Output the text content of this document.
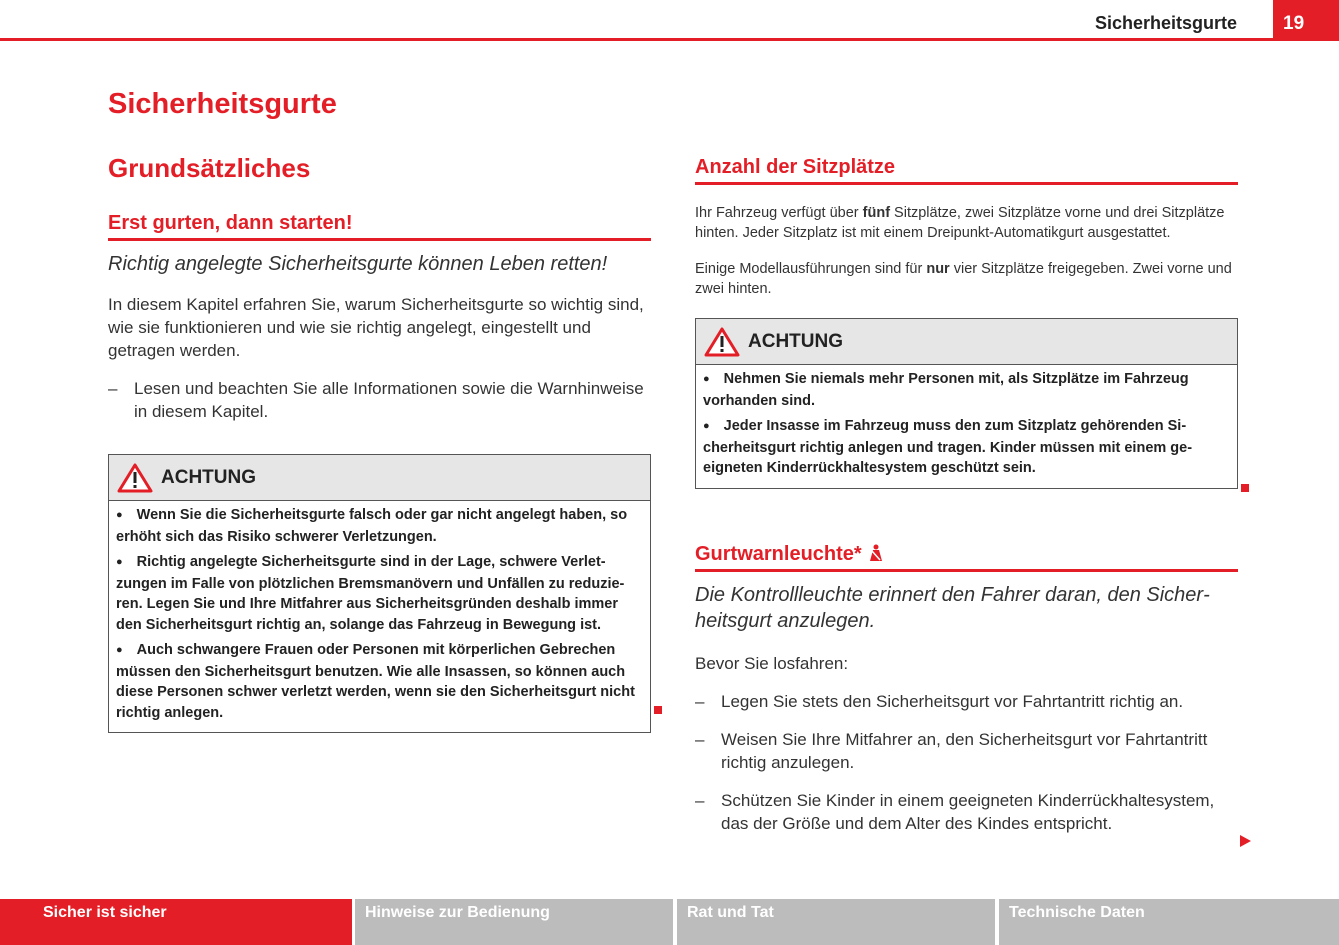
Sicherheitsgurte	19
Sicherheitsgurte
Grundsätzliches
Erst gurten, dann starten!
Richtig angelegte Sicherheitsgurte können Leben retten!
In diesem Kapitel erfahren Sie, warum Sicherheitsgurte so wichtig sind, wie sie funktionieren und wie sie richtig angelegt, eingestellt und getragen werden.
– Lesen und beachten Sie alle Informationen sowie die Warnhinweise in diesem Kapitel.
ACHTUNG

● Wenn Sie die Sicherheitsgurte falsch oder gar nicht angelegt haben, so erhöht sich das Risiko schwerer Verletzungen.

● Richtig angelegte Sicherheitsgurte sind in der Lage, schwere Verletzungen im Falle von plötzlichen Bremsmanövern und Unfällen zu reduzieren. Legen Sie und Ihre Mitfahrer aus Sicherheitsgründen deshalb immer den Sicherheitsgurt richtig an, solange das Fahrzeug in Bewegung ist.

● Auch schwangere Frauen oder Personen mit körperlichen Gebrechen müssen den Sicherheitsgurt benutzen. Wie alle Insassen, so können auch diese Personen schwer verletzt werden, wenn sie den Sicherheitsgurt nicht richtig anlegen.

Anzahl der Sitzplätze
Ihr Fahrzeug verfügt über fünf Sitzplätze, zwei Sitzplätze vorne und drei Sitzplätze hinten. Jeder Sitzplatz ist mit einem Dreipunkt-Automatikgurt ausgestattet.
Einige Modellausführungen sind für nur vier Sitzplätze freigegeben. Zwei vorne und zwei hinten.
ACHTUNG

● Nehmen Sie niemals mehr Personen mit, als Sitzplätze im Fahrzeug vorhanden sind.

● Jeder Insasse im Fahrzeug muss den zum Sitzplatz gehörenden Sicherheitsgurt richtig anlegen und tragen. Kinder müssen mit einem geeigneten Kinderrückhaltesystem geschützt sein.

Gurtwarnleuchte*
Die Kontrollleuchte erinnert den Fahrer daran, den Sicherheitsgurt anzulegen.
Bevor Sie losfahren:
– Legen Sie stets den Sicherheitsgurt vor Fahrtantritt richtig an.
– Weisen Sie Ihre Mitfahrer an, den Sicherheitsgurt vor Fahrtantritt richtig anzulegen.
– Schützen Sie Kinder in einem geeigneten Kinderrückhaltesystem, das der Größe und dem Alter des Kindes entspricht.
Sicher ist sicher	Hinweise zur Bedienung	Rat und Tat	Technische Daten
